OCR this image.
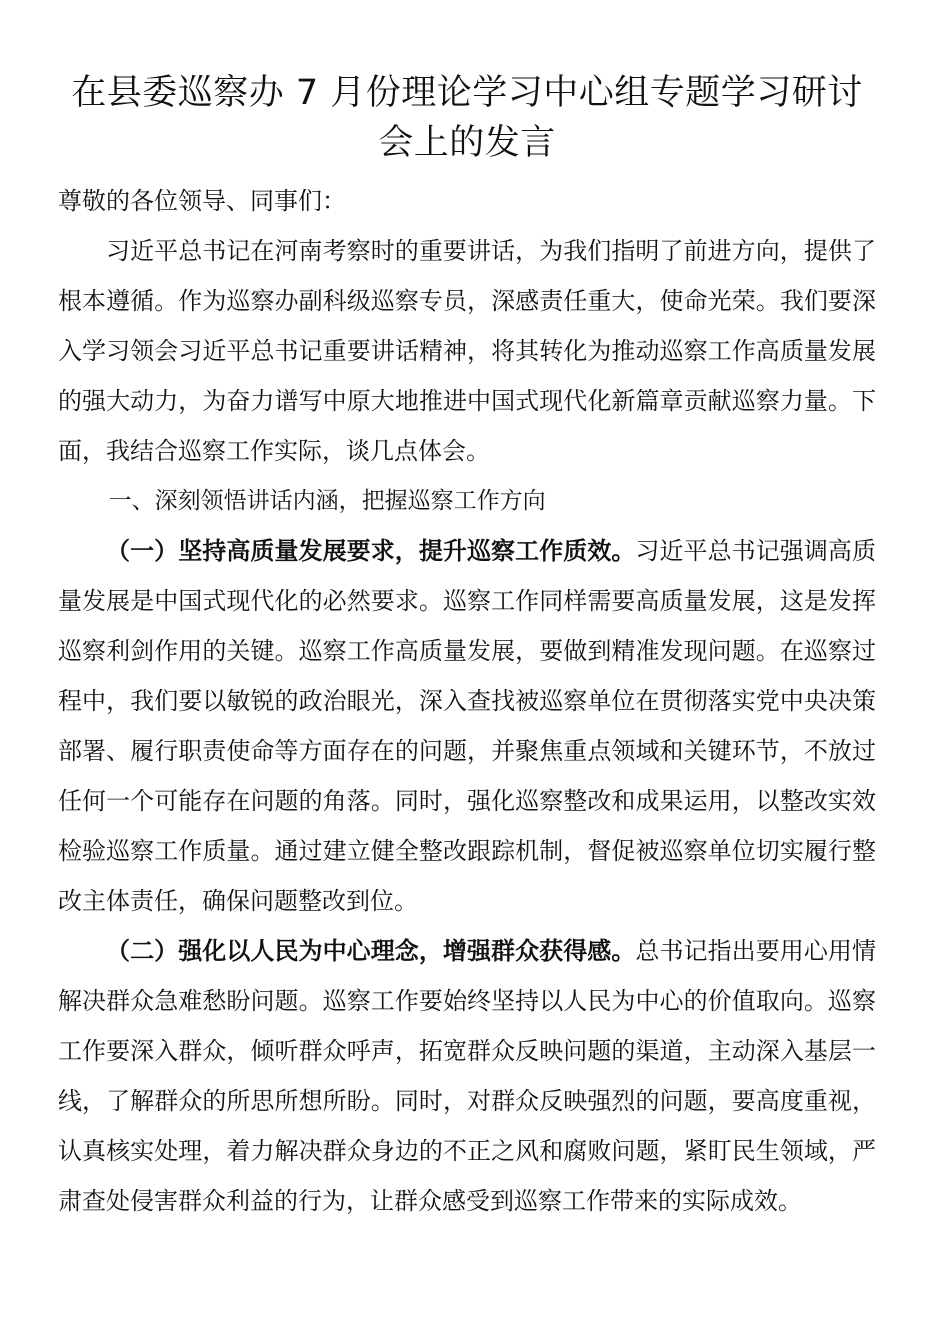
在县委巡察办 7 月份理论学习中心组专题学习研讨会上的发言

尊敬的各位领导、同事们：

习近平总书记在河南考察时的重要讲话，为我们指明了前进方向，提供了根本遵循。作为巡察办副科级巡察专员，深感责任重大，使命光荣。我们要深入学习领会习近平总书记重要讲话精神，将其转化为推动巡察工作高质量发展的强大动力，为奋力谱写中原大地推进中国式现代化新篇章贡献巡察力量。下面，我结合巡察工作实际，谈几点体会。

一、深刻领悟讲话内涵，把握巡察工作方向

（一）坚持高质量发展要求，提升巡察工作质效。习近平总书记强调高质量发展是中国式现代化的必然要求。巡察工作同样需要高质量发展，这是发挥巡察利剑作用的关键。巡察工作高质量发展，要做到精准发现问题。在巡察过程中，我们要以敏锐的政治眼光，深入查找被巡察单位在贯彻落实党中央决策部署、履行职责使命等方面存在的问题，并聚焦重点领域和关键环节，不放过任何一个可能存在问题的角落。同时，强化巡察整改和成果运用，以整改实效检验巡察工作质量。通过建立健全整改跟踪机制，督促被巡察单位切实履行整改主体责任，确保问题整改到位。

（二）强化以人民为中心理念，增强群众获得感。总书记指出要用心用情解决群众急难愁盼问题。巡察工作要始终坚持以人民为中心的价值取向。巡察工作要深入群众，倾听群众呼声，拓宽群众反映问题的渠道，主动深入基层一线，了解群众的所思所想所盼。同时，对群众反映强烈的问题，要高度重视，认真核实处理，着力解决群众身边的不正之风和腐败问题，紧盯民生领域，严肃查处侵害群众利益的行为，让群众感受到巡察工作带来的实际成效。
